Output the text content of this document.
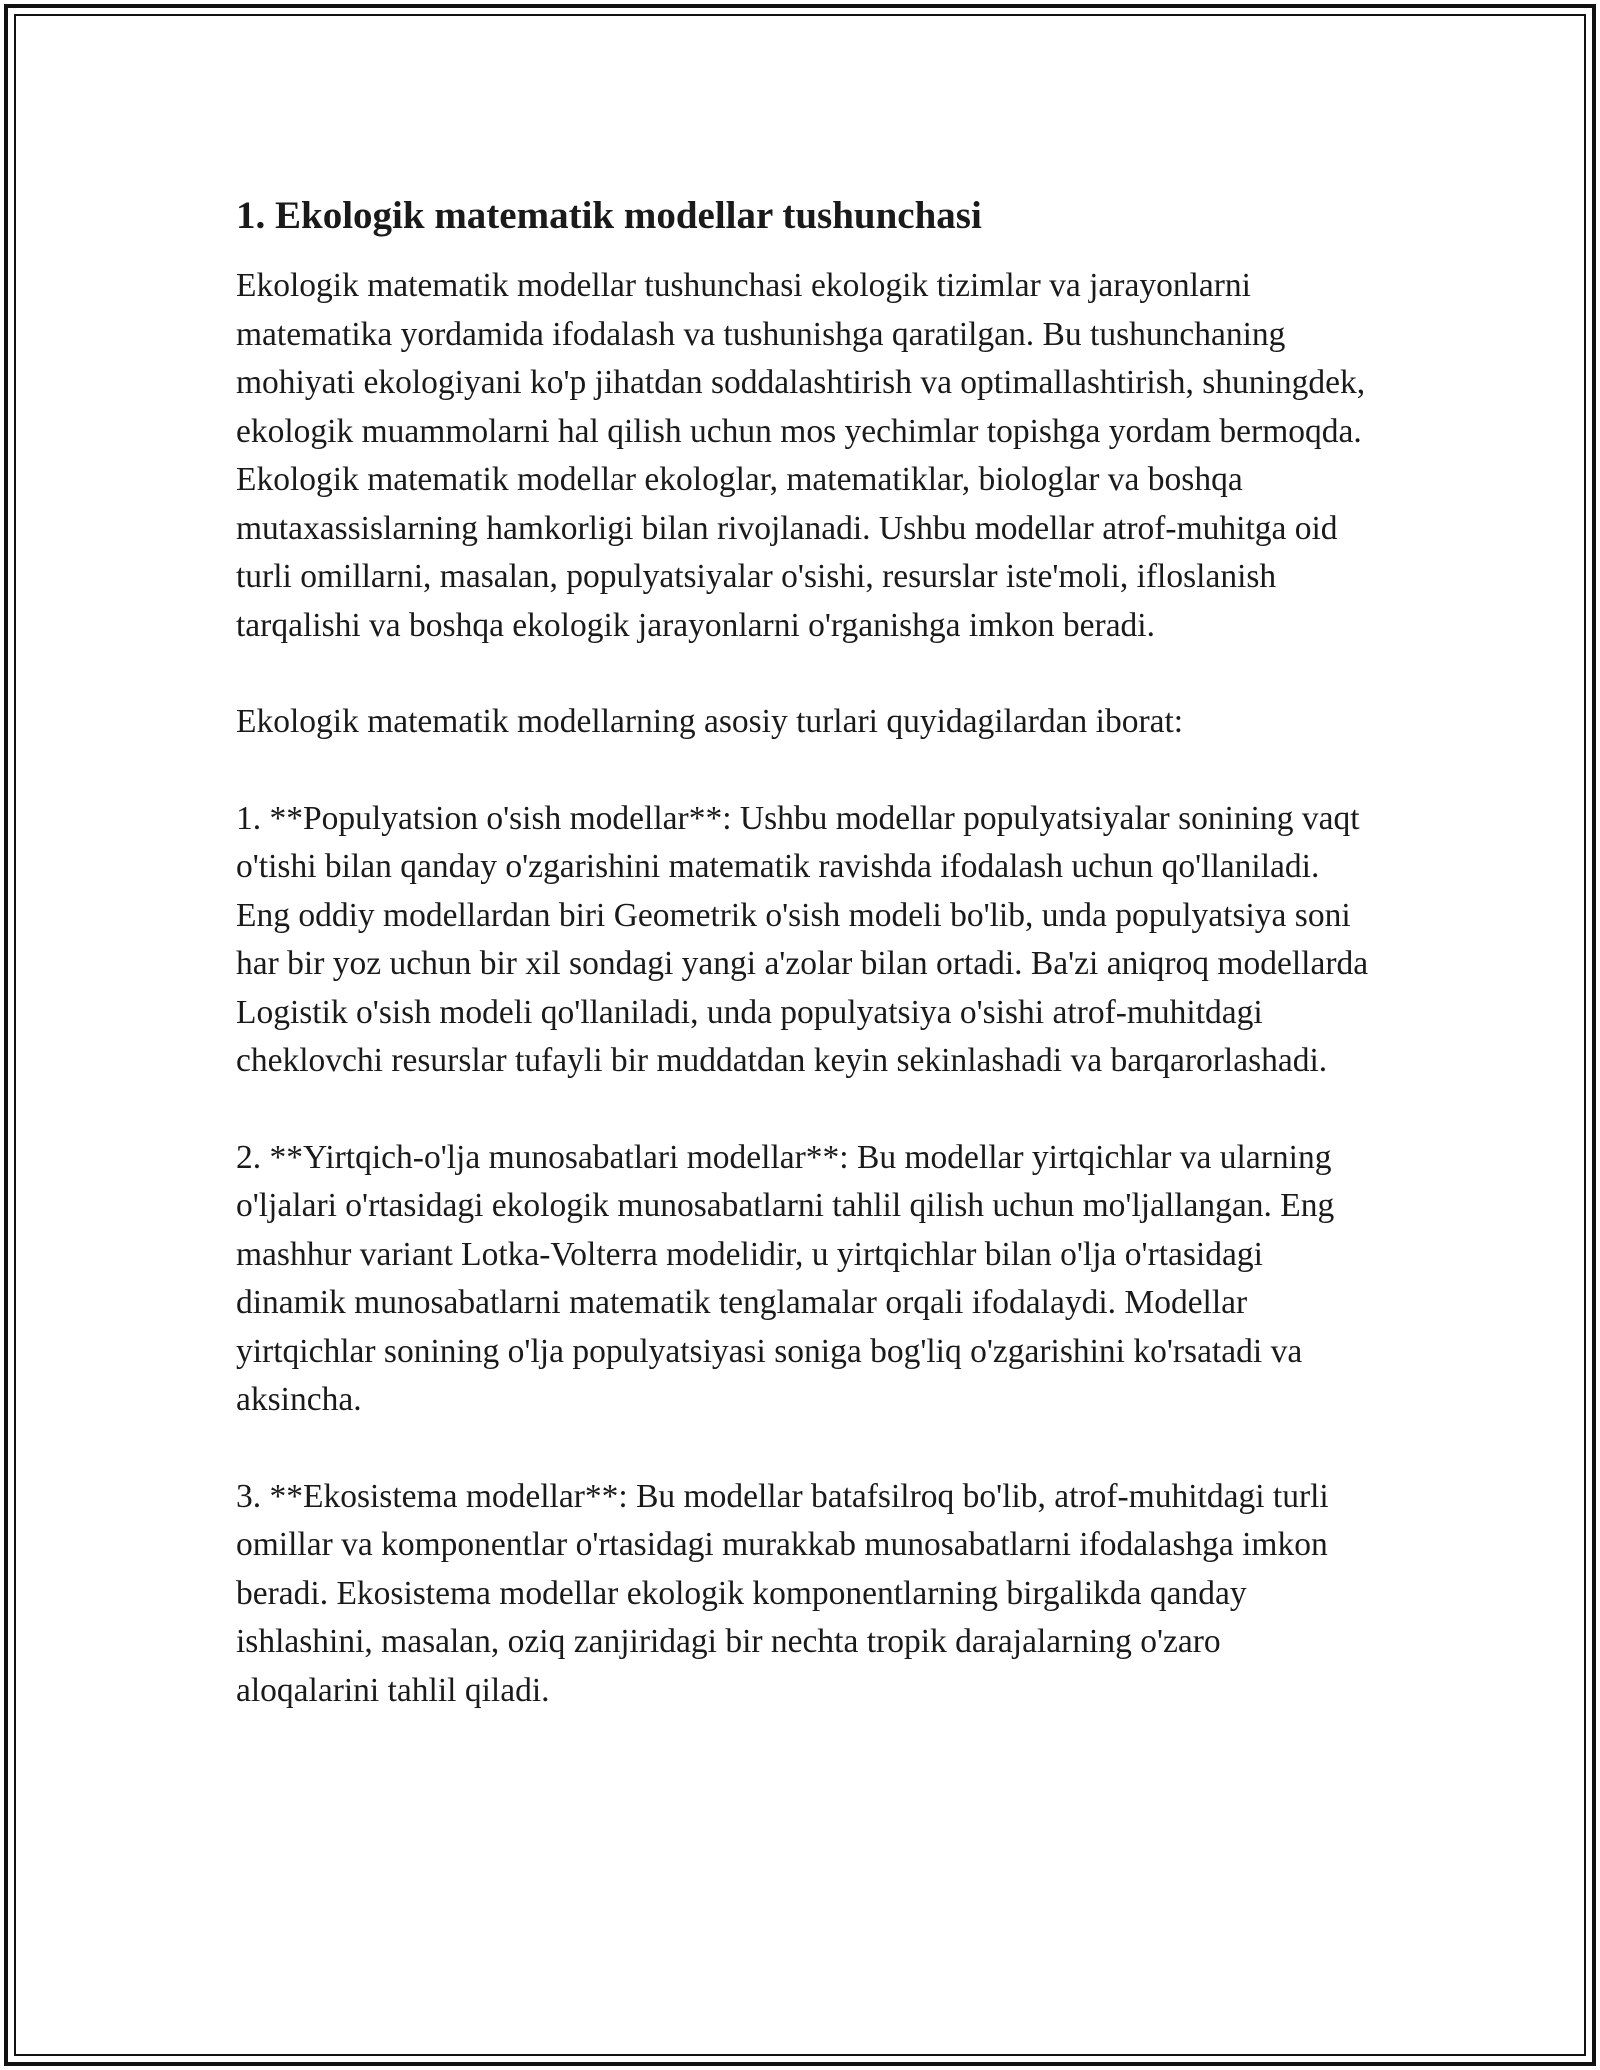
1. Ekologik matematik modellar tushunchasi

Ekologik matematik modellar tushunchasi ekologik tizimlar va jarayonlarni matematika yordamida ifodalash va tushunishga qaratilgan. Bu tushunchaning mohiyati ekologiyani ko'p jihatdan soddalashtirish va optimallashtirish, shuningdek, ekologik muammolarni hal qilish uchun mos yechimlar topishga yordam bermoqda. Ekologik matematik modellar ekologlar, matematiklar, biologlar va boshqa mutaxassislarning hamkorligi bilan rivojlanadi. Ushbu modellar atrof-muhitga oid turli omillarni, masalan, populyatsiyalar o'sishi, resurslar iste'moli, ifloslanish tarqalishi va boshqa ekologik jarayonlarni o'rganishga imkon beradi.

Ekologik matematik modellarning asosiy turlari quyidagilardan iborat:

1. **Populyatsion o'sish modellar**: Ushbu modellar populyatsiyalar sonining vaqt o'tishi bilan qanday o'zgarishini matematik ravishda ifodalash uchun qo'llaniladi. Eng oddiy modellardan biri Geometrik o'sish modeli bo'lib, unda populyatsiya soni har bir yoz uchun bir xil sondagi yangi a'zolar bilan ortadi. Ba'zi aniqroq modellarda Logistik o'sish modeli qo'llaniladi, unda populyatsiya o'sishi atrof-muhitdagi cheklovchi resurslar tufayli bir muddatdan keyin sekinlashadi va barqarorlashadi.

2. **Yirtqich-o'lja munosabatlari modellar**: Bu modellar yirtqichlar va ularning o'ljalari o'rtasidagi ekologik munosabatlarni tahlil qilish uchun mo'ljallangan. Eng mashhur variant Lotka-Volterra modelidir, u yirtqichlar bilan o'lja o'rtasidagi dinamik munosabatlarni matematik tenglamalar orqali ifodalaydi. Modellar yirtqichlar sonining o'lja populyatsiyasi soniga bog'liq o'zgarishini ko'rsatadi va aksincha.

3. **Ekosistema modellar**: Bu modellar batafsilroq bo'lib, atrof-muhitdagi turli omillar va komponentlar o'rtasidagi murakkab munosabatlarni ifodalashga imkon beradi. Ekosistema modellar ekologik komponentlarning birgalikda qanday ishlashini, masalan, oziq zanjiridagi bir nechta tropik darajalarning o'zaro aloqalarini tahlil qiladi.
